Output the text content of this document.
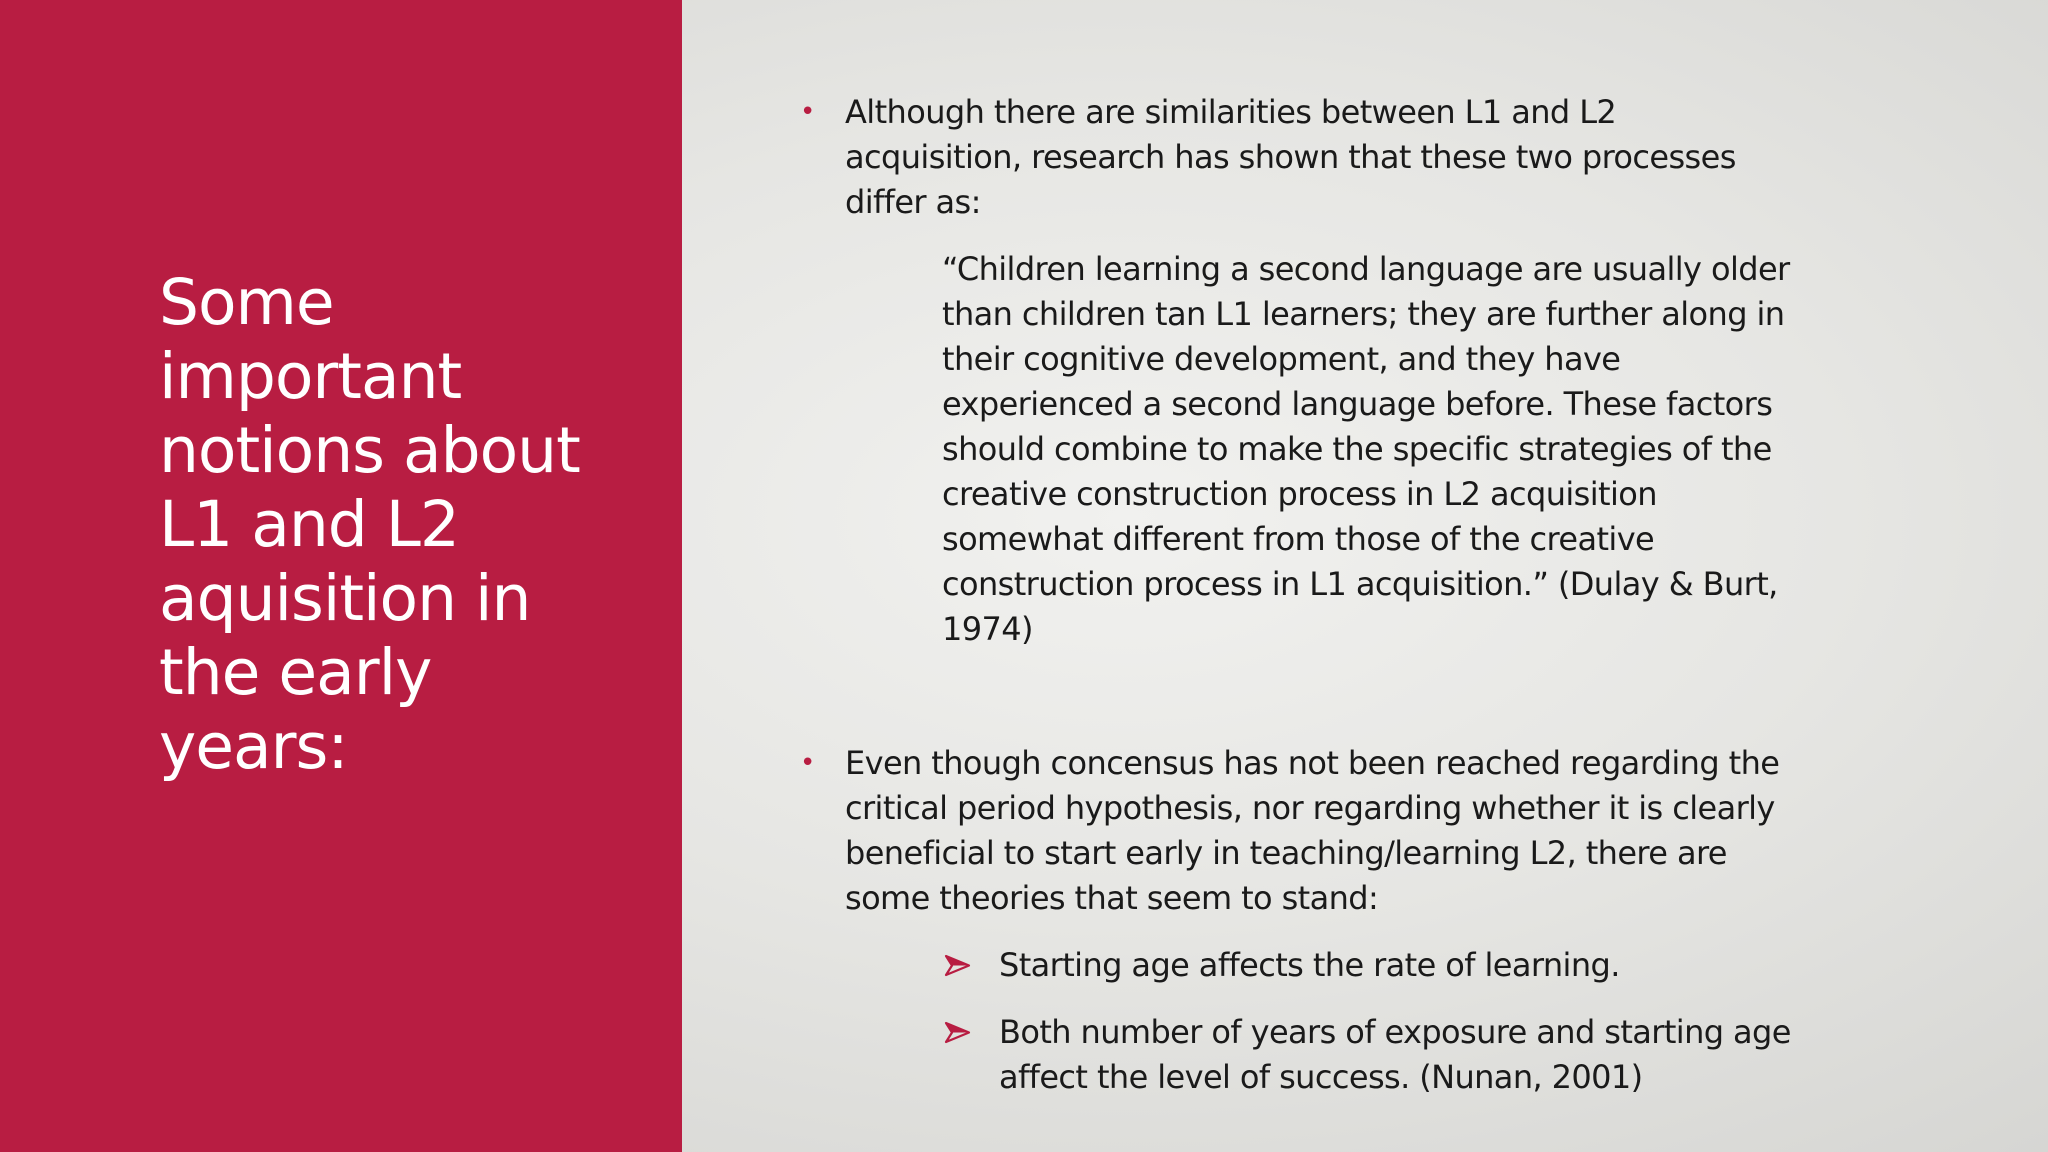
Some important notions about L1 and L2 aquisition in the early years:
• Although there are similarities between L1 and L2 acquisition, research has shown that these two processes differ as:
“Children learning a second language are usually older than children tan L1 learners; they are further along in their cognitive development, and they have experienced a second language before. These factors should combine to make the specific strategies of the creative construction process in L2 acquisition somewhat different from those of the creative construction process in L1 acquisition.” (Dulay & Burt, 1974)
• Even though concensus has not been reached regarding the critical period hypothesis, nor regarding whether it is clearly beneficial to start early in teaching/learning L2, there are some theories that seem to stand:
Starting age affects the rate of learning.
Both number of years of exposure and starting age affect the level of success. (Nunan, 2001)
